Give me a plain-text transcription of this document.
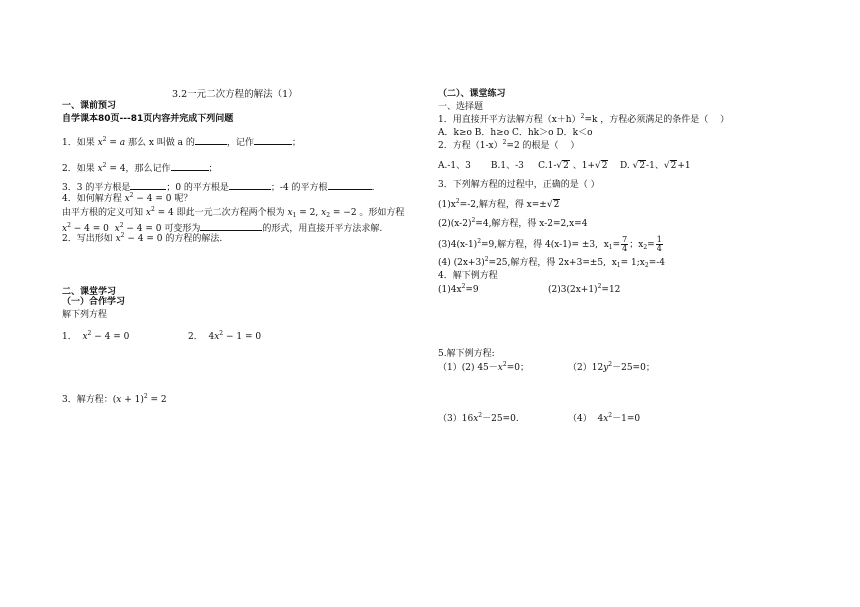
3.2一元二次方程的解法（1）
一、课前预习
自学课本80页---81页内容并完成下列问题
1．如果 $x^2 = a$ 那么 x 叫做 a 的	，记作	；
2．如果 $x^2 = 4$，那么记作	；
3．3 的平方根是	；0 的平方根是	；-4 的平方根	.
4．如何解方程 $x^2 - 4 = 0$ 呢？
由平方根的定义可知 $x^2 = 4$ 即此一元二次方程两个根为 $x_1 = 2$, $x_2 = -2$ 。形如方程
$x^2 - 4 = 0$  $x^2 - 4 = 0$ 可变形为	的形式，用直接开平方法求解.
2．写出形如 $x^2 - 4 = 0$ 的方程的解法.
二、课堂学习
（一）合作学习
解下列方程
1．  $x^2 - 4 = 0$	2．  $4x^2 - 1 = 0$
3．解方程：$(x + 1)^2 = 2$
（二）、课堂练习
一、选择题
1．用直接开平方法解方程$(x+h)^2=k$ ，方程必须满足的条件是（　 ）
A．k≥o B．h≥o C．hk＞o D．k＜o
2．方程$(1-x)^2=2$ 的根是（　 ）
A.-1、3 B.1、-3 C.1-√2 、1+√2 D. √2-1、√2+1
3．下列解方程的过程中，正确的是（ ）
$(1)x^2=-2$,解方程，得 x=±√2
$(2)(x-2)^2=4$,解方程，得 x-2=2,x=4
$(3)4(x-1)^2=9$,解方程，得 4(x-1)= ±3,  $x_1= \frac{7}{4}$ ；$x_2= \frac{1}{4}$
(4) $(2x+3)^2=25$,解方程，得 2x+3=±5,  $x_1=$ $1;x_2=-4$
4．解下例方程
$(1)4x^2=9$	$(2)3(2x+1)^2=12$
5.解下例方程:
（1）(2) $45-x^2=0$；	$(2)12y^2-25=0$；
$(3)16x^2-25=0$.	（4）  $4x^2-1=0$
